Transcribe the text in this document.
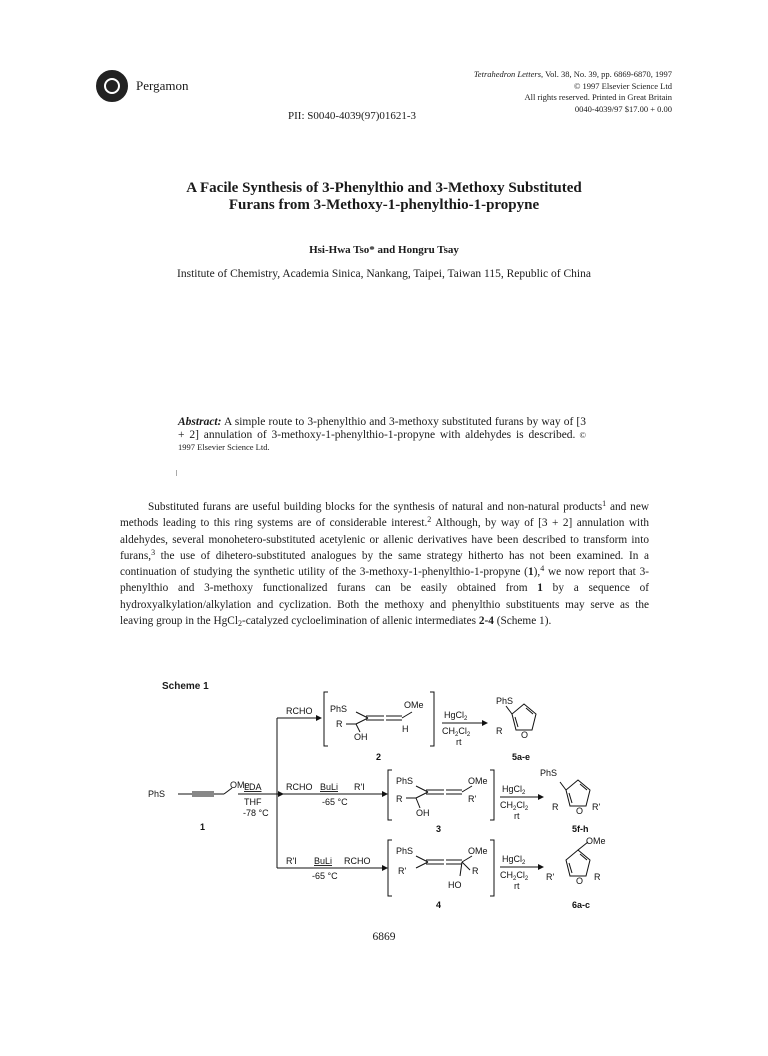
Pergamon
Tetrahedron Letters, Vol. 38, No. 39, pp. 6869-6870, 1997
© 1997 Elsevier Science Ltd
All rights reserved. Printed in Great Britain
0040-4039/97 $17.00 + 0.00
PII: S0040-4039(97)01621-3
A Facile Synthesis of 3-Phenylthio and 3-Methoxy Substituted
Furans from 3-Methoxy-1-phenylthio-1-propyne
Hsi-Hwa Tso* and Hongru Tsay
Institute of Chemistry, Academia Sinica, Nankang, Taipei, Taiwan 115, Republic of China
Abstract: A simple route to 3-phenylthio and 3-methoxy substituted furans by way of [3 + 2] annulation of 3-methoxy-1-phenylthio-1-propyne with aldehydes is described. © 1997 Elsevier Science Ltd.

Substituted furans are useful building blocks for the synthesis of natural and non-natural products$^1$ and new methods leading to this ring systems are of considerable interest.$^2$ Although, by way of [3 + 2] annulation with aldehydes, several monohetero-substituted acetylenic or allenic derivatives have been described to transform into furans,$^3$ the use of dihetero-substituted analogues by the same strategy hitherto has not been examined. In a continuation of studying the synthetic utility of the 3-methoxy-1-phenylthio-1-propyne (1),$^4$ we now report that 3-phenylthio and 3-methoxy functionalized furans can be easily obtained from 1 by a sequence of hydroxyalkylation/alkylation and cyclization. Both the methoxy and phenylthio substituents may serve as the leaving group in the HgCl$_2$-catalyzed cycloelimination of allenic intermediates 2-4 (Scheme 1).

Scheme 1
PhS
OMe
1
LDA
THF
-78 °C
RCHO PhS	OMe
H
R
OH
2
HgCl$_2$
$CH_2Cl_2$
rt
PhS
R O
5a-e
RCHO BuLi R'I
-65 °C
PhS	OMe
R'
R
OH
3
HgCl$_2$
$CH_2Cl_2$
rt
PhS
R O R'
5f-h
R'I BuLi RCHO
-65 °C
PhS	OMe
R'	R
HO
4
HgCl$_2$
$CH_2Cl_2$
rt
OMe
R' O R
6a-c
6869
